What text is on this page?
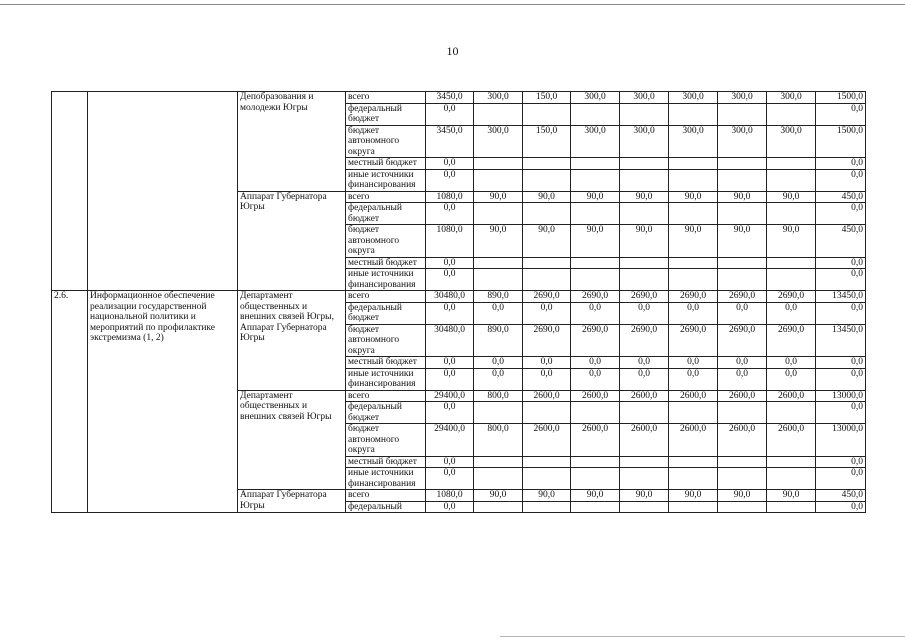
10
		Депобразования и молодежи Югры	всего	3450,0	300,0	150,0	300,0	300,0	300,0	300,0	300,0	1500,0
			федеральный бюджет	0,0								0,0
			бюджет автономного округа	3450,0	300,0	150,0	300,0	300,0	300,0	300,0	300,0	1500,0
			местный бюджет	0,0								0,0
			иные источники финансирования	0,0								0,0
		Аппарат Губернатора Югры	всего	1080,0	90,0	90,0	90,0	90,0	90,0	90,0	90,0	450,0
			федеральный бюджет	0,0								0,0
			бюджет автономного округа	1080,0	90,0	90,0	90,0	90,0	90,0	90,0	90,0	450,0
			местный бюджет	0,0								0,0
			иные источники финансирования	0,0								0,0
2.6.	Информационное обеспечение реализации государственной национальной политики и мероприятий по профилактике экстремизма (1, 2)	Департамент общественных и внешних связей Югры, Аппарат Губернатора Югры	всего	30480,0	890,0	2690,0	2690,0	2690,0	2690,0	2690,0	2690,0	13450,0
			федеральный бюджет	0,0	0,0	0,0	0,0	0,0	0,0	0,0	0,0	0,0
			бюджет автономного округа	30480,0	890,0	2690,0	2690,0	2690,0	2690,0	2690,0	2690,0	13450,0
			местный бюджет	0,0	0,0	0,0	0,0	0,0	0,0	0,0	0,0	0,0
			иные источники финансирования	0,0	0,0	0,0	0,0	0,0	0,0	0,0	0,0	0,0
		Департамент общественных и внешних связей Югры	всего	29400,0	800,0	2600,0	2600,0	2600,0	2600,0	2600,0	2600,0	13000,0
			федеральный бюджет	0,0								0,0
			бюджет автономного округа	29400,0	800,0	2600,0	2600,0	2600,0	2600,0	2600,0	2600,0	13000,0
			местный бюджет	0,0								0,0
			иные источники финансирования	0,0								0,0
		Аппарат Губернатора Югры	всего	1080,0	90,0	90,0	90,0	90,0	90,0	90,0	90,0	450,0
			федеральный	0,0								0,0
